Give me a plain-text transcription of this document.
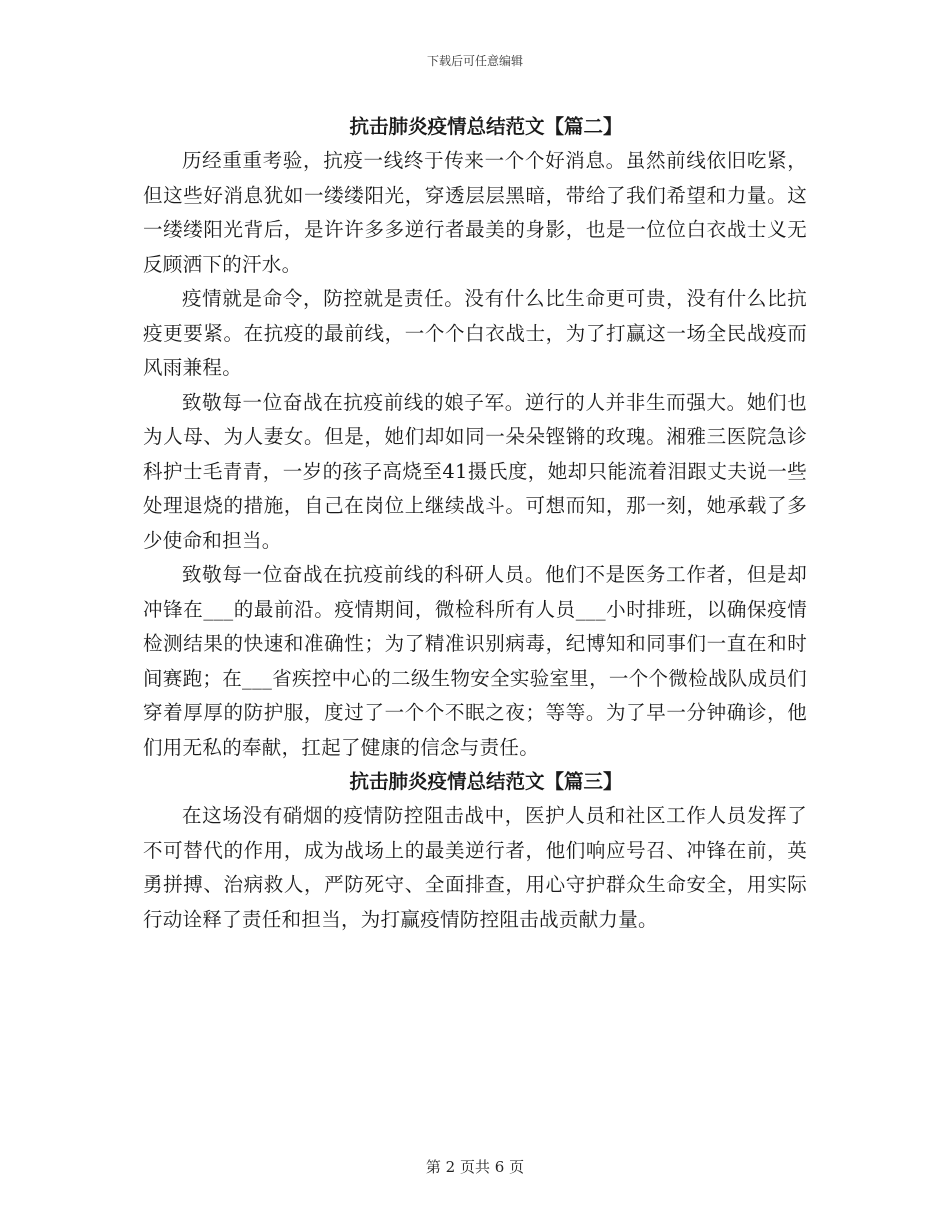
下载后可任意编辑
抗击肺炎疫情总结范文【篇二】

历经重重考验，抗疫一线终于传来一个个好消息。虽然前线依旧吃紧，但这些好消息犹如一缕缕阳光，穿透层层黑暗，带给了我们希望和力量。这一缕缕阳光背后，是许许多多逆行者最美的身影，也是一位位白衣战士义无反顾洒下的汗水。

疫情就是命令，防控就是责任。没有什么比生命更可贵，没有什么比抗疫更要紧。在抗疫的最前线，一个个白衣战士，为了打赢这一场全民战疫而风雨兼程。

致敬每一位奋战在抗疫前线的娘子军。逆行的人并非生而强大。她们也为人母、为人妻女。但是，她们却如同一朵朵铿锵的玫瑰。湘雅三医院急诊科护士毛青青，一岁的孩子高烧至41摄氏度，她却只能流着泪跟丈夫说一些处理退烧的措施，自己在岗位上继续战斗。可想而知，那一刻，她承载了多少使命和担当。

致敬每一位奋战在抗疫前线的科研人员。他们不是医务工作者，但是却冲锋在___的最前沿。疫情期间，微检科所有人员___小时排班，以确保疫情检测结果的快速和准确性；为了精准识别病毒，纪博知和同事们一直在和时间赛跑；在___省疾控中心的二级生物安全实验室里，一个个微检战队成员们穿着厚厚的防护服，度过了一个个不眠之夜；等等。为了早一分钟确诊，他们用无私的奉献，扛起了健康的信念与责任。

抗击肺炎疫情总结范文【篇三】

在这场没有硝烟的疫情防控阻击战中，医护人员和社区工作人员发挥了不可替代的作用，成为战场上的最美逆行者，他们响应号召、冲锋在前，英勇拼搏、治病救人，严防死守、全面排查，用心守护群众生命安全，用实际行动诠释了责任和担当，为打赢疫情防控阻击战贡献力量。

第 2 页共 6 页
